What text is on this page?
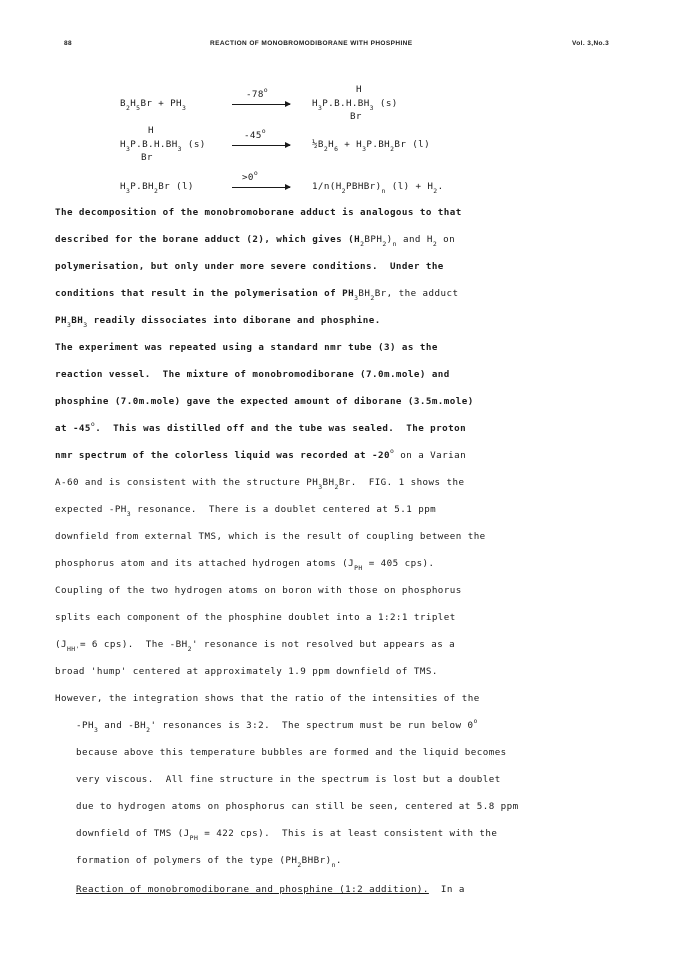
88	REACTION OF MONOBROMODIBORANE WITH PHOSPHINE	Vol. 3,No.3
$B_2H_5Br + PH_3$
-78$^o$	H
$H_3P.B.H.BH_3$ (s)
Br
H
$H_3P.B.H.BH_3$ (s)
Br
$-45^o$
→ $\frac{1}{2}B_2H_6 + H_3P.BH_2Br$ (l)
$H_3P.BH_2Br$ (l)
$>0^o$
→ $1/n(H_2PBHBr)_n$ $(l) + H_2$.
The decomposition of the monobromoborane adduct is analogous to that
described for the borane adduct (2), which gives $(H_2BPH_2)_n$ and $H_2$ on
polymerisation, but only under more severe conditions.  Under the
conditions that result in the polymerisation of $PH_3BH_2Br$, the adduct
$PH_3BH_3$ readily dissociates into diborane and phosphine.
The experiment was repeated using a standard nmr tube (3) as the
reaction vessel.  The mixture of monobromodiborane (7.0m.mole) and
phosphine (7.0m.mole) gave the expected amount of diborane (3.5m.mole)
at -45$^o$.  This was distilled off and the tube was sealed.  The proton
nmr spectrum of the colorless liquid was recorded at -20$^o$ on a Varian
A-60 and is consistent with the structure $PH_3BH_2Br$.  FIG. 1 shows the
expected $-PH_3$ resonance.  There is a doublet centered at 5.1 ppm
downfield from external TMS, which is the result of coupling between the
phosphorus atom and its attached hydrogen atoms ($J_{PH} = 405$ cps).
Coupling of the two hydrogen atoms on boron with those on phosphorus
splits each component of the phosphine doublet into a 1:2:1 triplet
($J_{HH'}= 6$ cps).  The $-BH_2'$ resonance is not resolved but appears as a
broad 'hump' centered at approximately 1.9 ppm downfield of TMS.
However, the integration shows that the ratio of the intensities of the
$-PH_3$ and $-BH_2'$ resonances is 3:2.  The spectrum must be run below 0$^o$
because above this temperature bubbles are formed and the liquid becomes
very viscous.  All fine structure in the spectrum is lost but a doublet
due to hydrogen atoms on phosphorus can still be seen, centered at 5.8 ppm
downfield of TMS ($J_{PH} = 422$ cps).  This is at least consistent with the
formation of polymers of the type $(PH_2BHBr)_n$.
Reaction of monobromodiborane and phosphine (1:2 addition).  In a
